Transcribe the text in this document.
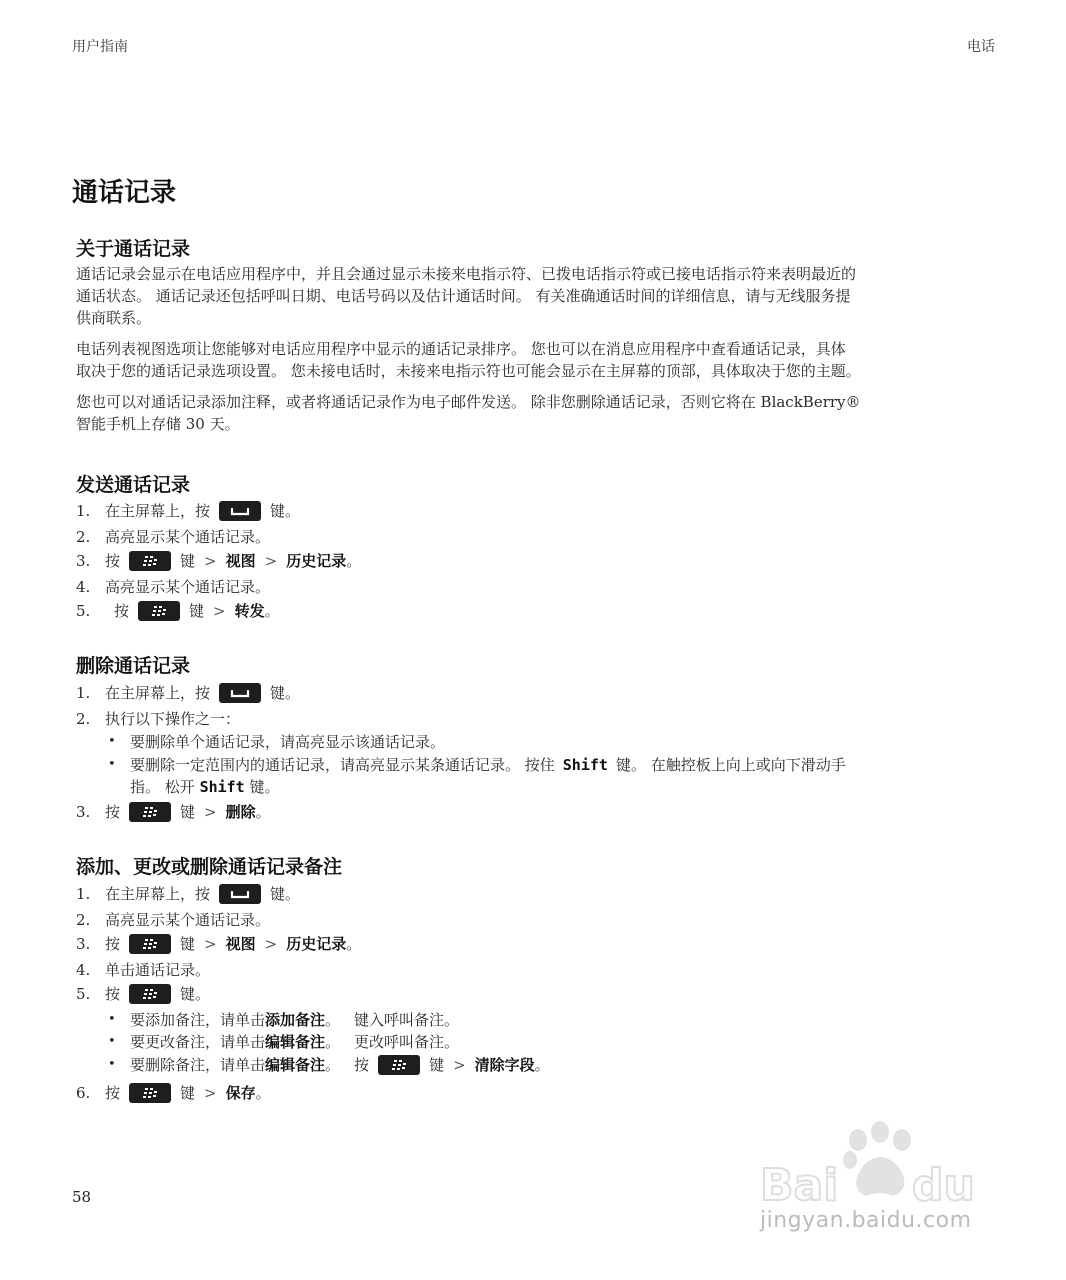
用户指南	电话
通话记录
关于通话记录
通话记录会显示在电话应用程序中，并且会通过显示未接来电指示符、已拨电话指示符或已接电话指示符来表明最近的
通话状态。 通话记录还包括呼叫日期、电话号码以及估计通话时间。 有关准确通话时间的详细信息，请与无线服务提
供商联系。
电话列表视图选项让您能够对电话应用程序中显示的通话记录排序。 您也可以在消息应用程序中查看通话记录，具体
取决于您的通话记录选项设置。 您未接电话时，未接来电指示符也可能会显示在主屏幕的顶部，具体取决于您的主题。
您也可以对通话记录添加注释，或者将通话记录作为电子邮件发送。 除非您删除通话记录，否则它将在 BlackBerry®
智能手机上存储 30 天。
发送通话记录
1. 在主屏幕上，按	键。
2. 高亮显示某个通话记录。
3. 按	键 > 视图 > 历史记录 。
4. 高亮显示某个通话记录。
5.	按	键 > 转发 。
删除通话记录
1. 在主屏幕上，按	键。
2. 执行以下操作之一：
• 要删除单个通话记录，请高亮显示该通话记录。
• 要删除一定范围内的通话记录，请高亮显示某条通话记录。 按住 Shift 键。 在触控板上向上或向下滑动手
指。 松开 Shift 键。
3. 按	键 > 删除 。
添加、更改或删除通话记录备注
1. 在主屏幕上，按	键。
2. 高亮显示某个通话记录。
3. 按	键 > 视图 > 历史记录 。
4. 单击通话记录。
5. 按	键。
• 要添加备注，请单击 添加备注 。 键入呼叫备注。
• 要更改备注，请单击 编辑备注 。 更改呼叫备注。
• 要删除备注，请单击 编辑备注 。 按	键 > 清除字段 。
6. 按	键 > 保存 。
58	Bai du
jingyan.baidu.com
